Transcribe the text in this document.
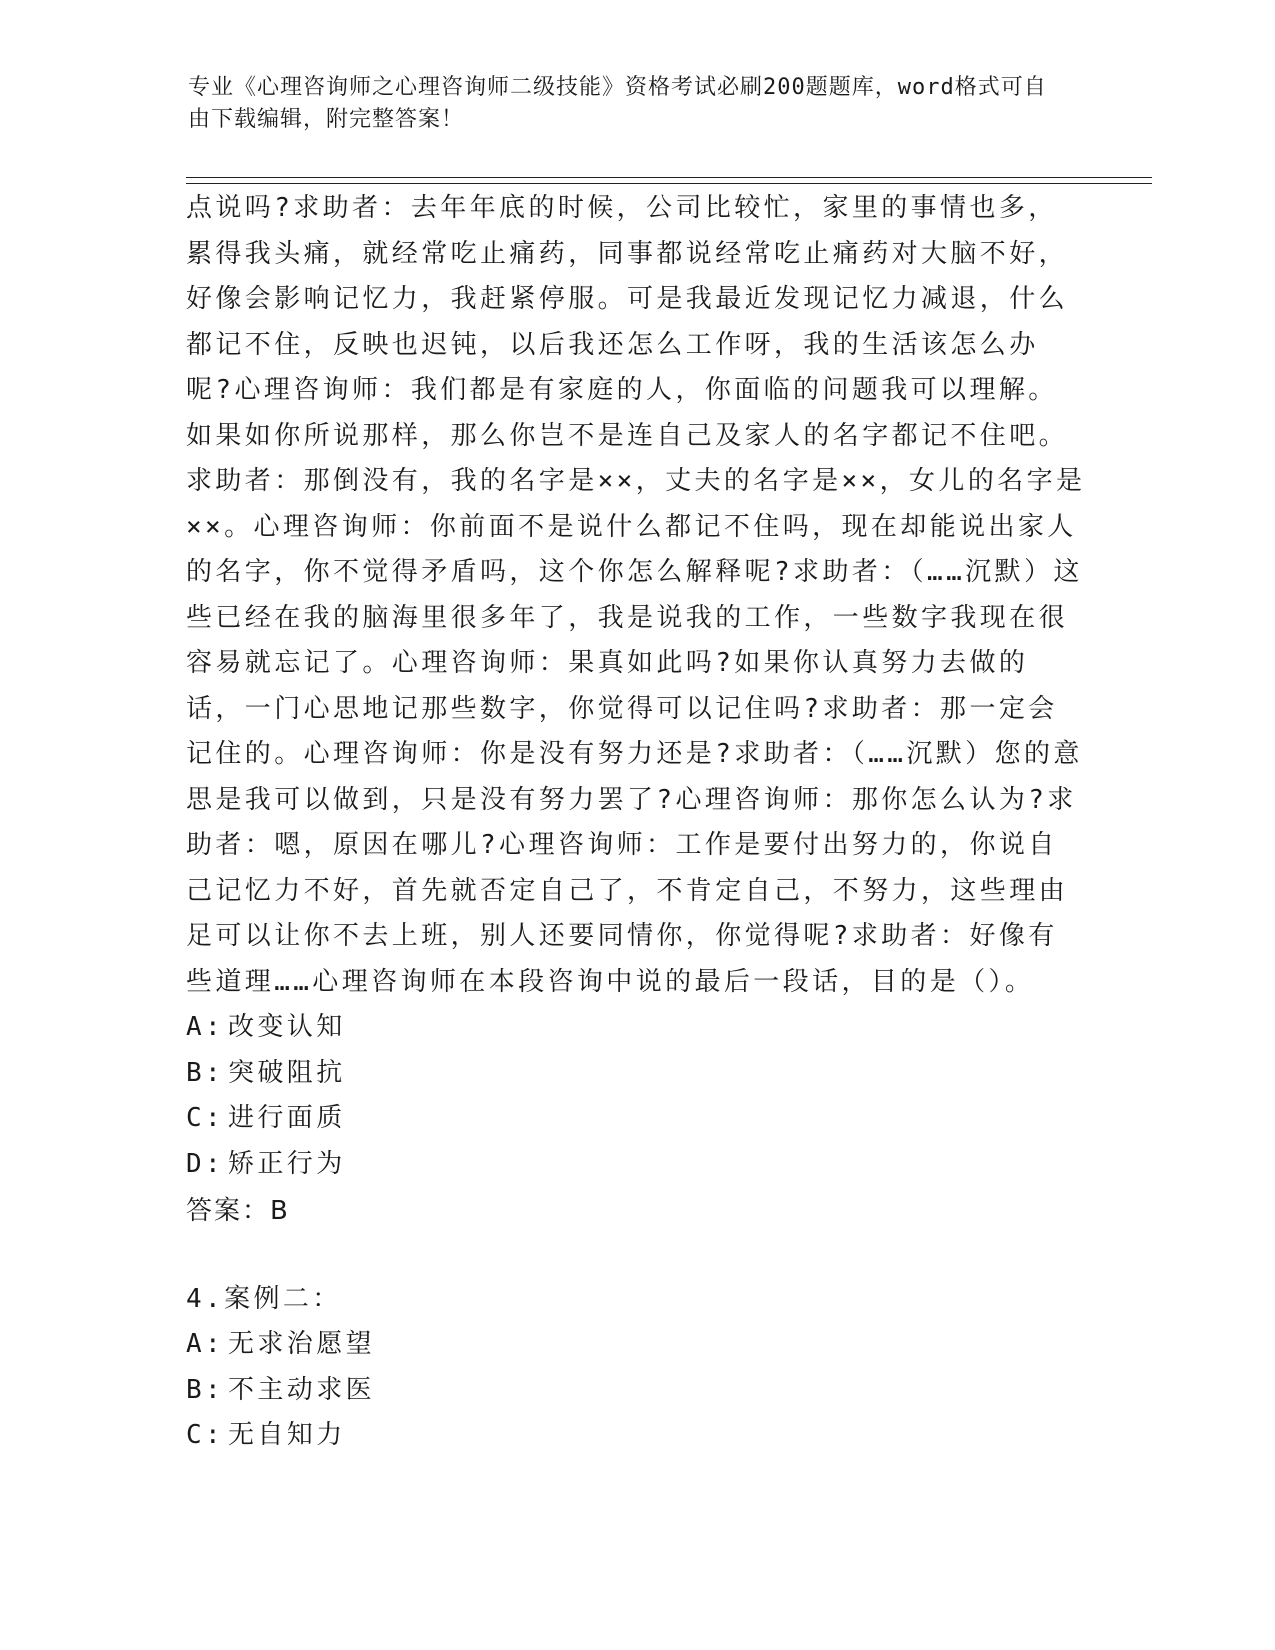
专业《心理咨询师之心理咨询师二级技能》资格考试必刷200题题库，word格式可自由下载编辑，附完整答案！

点说吗?求助者：去年年底的时候，公司比较忙，家里的事情也多，累得我头痛，就经常吃止痛药，同事都说经常吃止痛药对大脑不好，好像会影响记忆力，我赶紧停服。可是我最近发现记忆力减退，什么都记不住，反映也迟钝，以后我还怎么工作呀，我的生活该怎么办呢?心理咨询师：我们都是有家庭的人，你面临的问题我可以理解。如果如你所说那样，那么你岂不是连自己及家人的名字都记不住吧。求助者：那倒没有，我的名字是××，丈夫的名字是××，女儿的名字是××。心理咨询师：你前面不是说什么都记不住吗，现在却能说出家人的名字，你不觉得矛盾吗，这个你怎么解释呢?求助者：（……沉默）这些已经在我的脑海里很多年了，我是说我的工作，一些数字我现在很容易就忘记了。心理咨询师：果真如此吗?如果你认真努力去做的话，一门心思地记那些数字，你觉得可以记住吗?求助者：那一定会记住的。心理咨询师：你是没有努力还是?求助者：（……沉默）您的意思是我可以做到，只是没有努力罢了?心理咨询师：那你怎么认为?求助者：嗯，原因在哪儿?心理咨询师：工作是要付出努力的，你说自己记忆力不好，首先就否定自己了，不肯定自己，不努力，这些理由足可以让你不去上班，别人还要同情你，你觉得呢?求助者：好像有些道理……心理咨询师在本段咨询中说的最后一段话，目的是（）。

A: 改变认知
B: 突破阻抗
C: 进行面质
D: 矫正行为

答案：B

4.案例二：

A: 无求治愿望
B: 不主动求医
C: 无自知力
